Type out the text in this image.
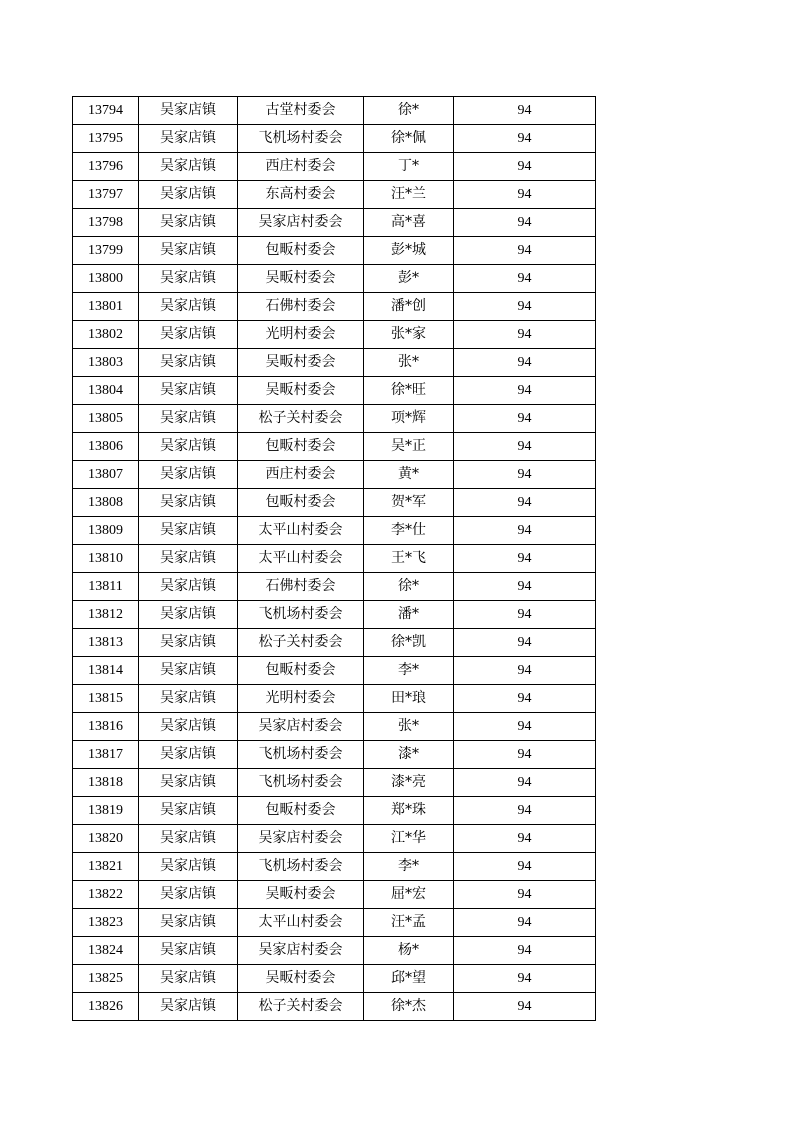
13794	吴家店镇	古堂村委会	徐*	94
13795	吴家店镇	飞机场村委会	徐*佩	94
13796	吴家店镇	西庄村委会	丁*	94
13797	吴家店镇	东高村委会	汪*兰	94
13798	吴家店镇	吴家店村委会	高*喜	94
13799	吴家店镇	包畈村委会	彭*城	94
13800	吴家店镇	吴畈村委会	彭*	94
13801	吴家店镇	石佛村委会	潘*创	94
13802	吴家店镇	光明村委会	张*家	94
13803	吴家店镇	吴畈村委会	张*	94
13804	吴家店镇	吴畈村委会	徐*旺	94
13805	吴家店镇	松子关村委会	项*辉	94
13806	吴家店镇	包畈村委会	吴*正	94
13807	吴家店镇	西庄村委会	黄*	94
13808	吴家店镇	包畈村委会	贺*军	94
13809	吴家店镇	太平山村委会	李*仕	94
13810	吴家店镇	太平山村委会	王*飞	94
13811	吴家店镇	石佛村委会	徐*	94
13812	吴家店镇	飞机场村委会	潘*	94
13813	吴家店镇	松子关村委会	徐*凯	94
13814	吴家店镇	包畈村委会	李*	94
13815	吴家店镇	光明村委会	田*琅	94
13816	吴家店镇	吴家店村委会	张*	94
13817	吴家店镇	飞机场村委会	漆*	94
13818	吴家店镇	飞机场村委会	漆*亮	94
13819	吴家店镇	包畈村委会	郑*珠	94
13820	吴家店镇	吴家店村委会	江*华	94
13821	吴家店镇	飞机场村委会	李*	94
13822	吴家店镇	吴畈村委会	屈*宏	94
13823	吴家店镇	太平山村委会	汪*孟	94
13824	吴家店镇	吴家店村委会	杨*	94
13825	吴家店镇	吴畈村委会	邱*望	94
13826	吴家店镇	松子关村委会	徐*杰	94
